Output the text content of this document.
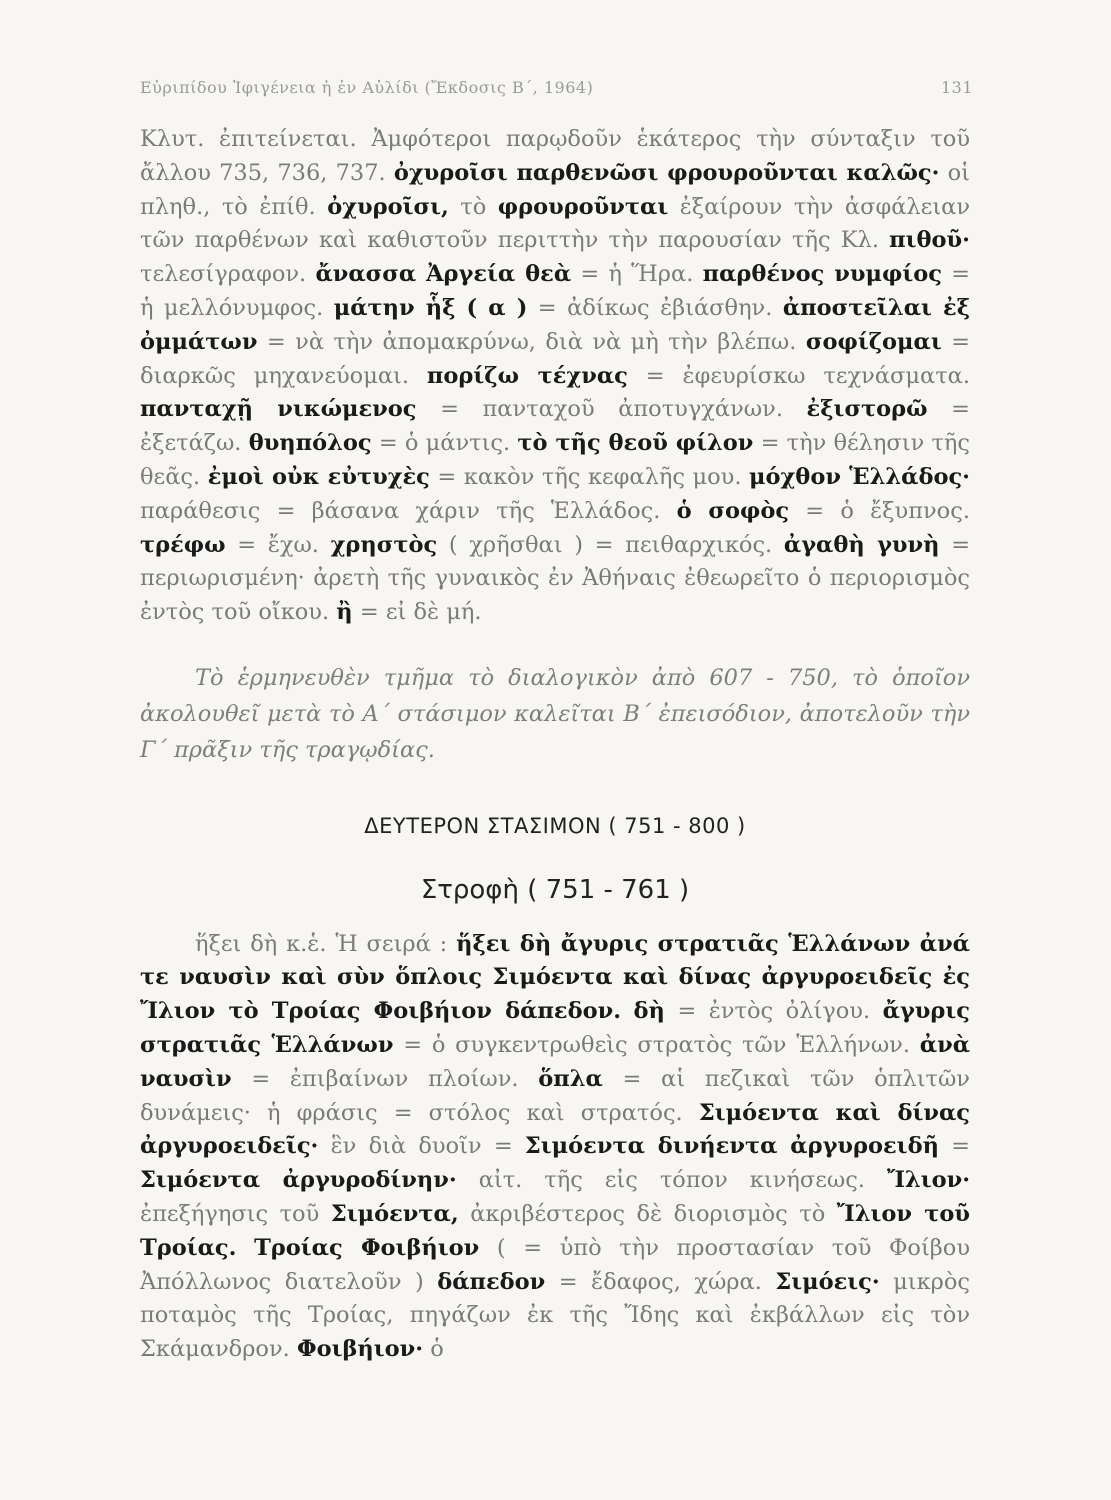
Εὐριπίδου Ἰφιγένεια ἡ ἐν Αὐλίδι (Ἔκδοσις Β´, 1964)	131

Κλυτ. ἐπιτείνεται. Ἀμφότεροι παρῳδοῦν ἑκάτερος τὴν σύνταξιν τοῦ ἄλλου 735, 736, 737. ὀχυροῖσι παρθενῶσι φρουροῦνται καλῶς· οἱ πληθ., τὸ ἐπίθ. ὀχυροῖσι, τὸ φρουροῦνται ἐξαίρουν τὴν ἀσφάλειαν τῶν παρθένων καὶ καθιστοῦν περιττὴν τὴν παρουσίαν τῆς Κλ. πιθοῦ· τελεσίγραφον. ἄνασσα Ἀργεία θεὰ = ἡ Ἥρα. παρθένος νυμφίος = ἡ μελλόνυμφος. μάτην ἧξ ( α ) = ἀδίκως ἐβιάσθην. ἀποστεῖλαι ἐξ ὀμμάτων = νὰ τὴν ἀπομακρύνω, διὰ νὰ μὴ τὴν βλέπω. σοφίζομαι = διαρκῶς μηχανεύομαι. πορίζω τέχνας = ἐφευρίσκω τεχνάσματα. πανταχῇ νικώμενος = πανταχοῦ ἀποτυγχάνων. ἐξιστορῶ = ἐξετάζω. θυηπόλος = ὁ μάντις. τὸ τῆς θεοῦ φίλον = τὴν θέλησιν τῆς θεᾶς. ἐμοὶ οὐκ εὐτυχὲς = κακὸν τῆς κεφαλῆς μου. μόχθον Ἑλλάδος· παράθεσις = βάσανα χάριν τῆς Ἑλλάδος. ὁ σοφὸς = ὁ ἔξυπνος. τρέφω = ἔχω. χρηστὸς ( χρῆσθαι ) = πειθαρχικός. ἀγαθὴ γυνὴ = περιωρισμένη· ἀρετὴ τῆς γυναικὸς ἐν Ἀθήναις ἐθεωρεῖτο ὁ περιορισμὸς ἐντὸς τοῦ οἴκου. ἢ = εἰ δὲ μή.

Τὸ ἑρμηνευθὲν τμῆμα τὸ διαλογικὸν ἀπὸ 607 - 750, τὸ ὁποῖον ἀκολουθεῖ μετὰ τὸ Α´ στάσιμον καλεῖται Β´ ἐπεισόδιον, ἀποτελοῦν τὴν Γ´ πρᾶξιν τῆς τραγῳδίας.

ΔΕΥΤΕΡΟΝ ΣΤΑΣΙΜΟΝ ( 751 - 800 )

Στροφὴ ( 751 - 761 )

ἥξει δὴ κ.ἑ. Ἡ σειρά : ἥξει δὴ ἄγυρις στρατιᾶς Ἑλλάνων ἀνά τε ναυσὶν καὶ σὺν ὅπλοις Σιμόεντα καὶ δίνας ἀργυροειδεῖς ἐς Ἴλιον τὸ Τροίας Φοιβήιον δάπεδον. δὴ = ἐντὸς ὀλίγου. ἄγυρις στρατιᾶς Ἑλλάνων = ὁ συγκεντρωθεὶς στρατὸς τῶν Ἑλλήνων. ἀνὰ ναυσὶν = ἐπιβαίνων πλοίων. ὅπλα = αἱ πεζικαὶ τῶν ὁπλιτῶν δυνάμεις· ἡ φράσις = στόλος καὶ στρατός. Σιμόεντα καὶ δίνας ἀργυροειδεῖς· ἓν διὰ δυοῖν = Σιμόεντα δινήεντα ἀργυροειδῆ = Σιμόεντα ἀργυροδίνην· αἰτ. τῆς εἰς τόπον κινήσεως. Ἴλιον· ἐπεξήγησις τοῦ Σιμόεντα, ἀκριβέστερος δὲ διορισμὸς τὸ Ἴλιον τοῦ Τροίας. Τροίας Φοιβήιον ( = ὑπὸ τὴν προστασίαν τοῦ Φοίβου Ἀπόλλωνος διατελοῦν ) δάπεδον = ἔδαφος, χώρα. Σιμόεις· μικρὸς ποταμὸς τῆς Τροίας, πηγάζων ἐκ τῆς Ἴδης καὶ ἐκβάλλων εἰς τὸν Σκάμανδρον. Φοιβήιον· ὁ
